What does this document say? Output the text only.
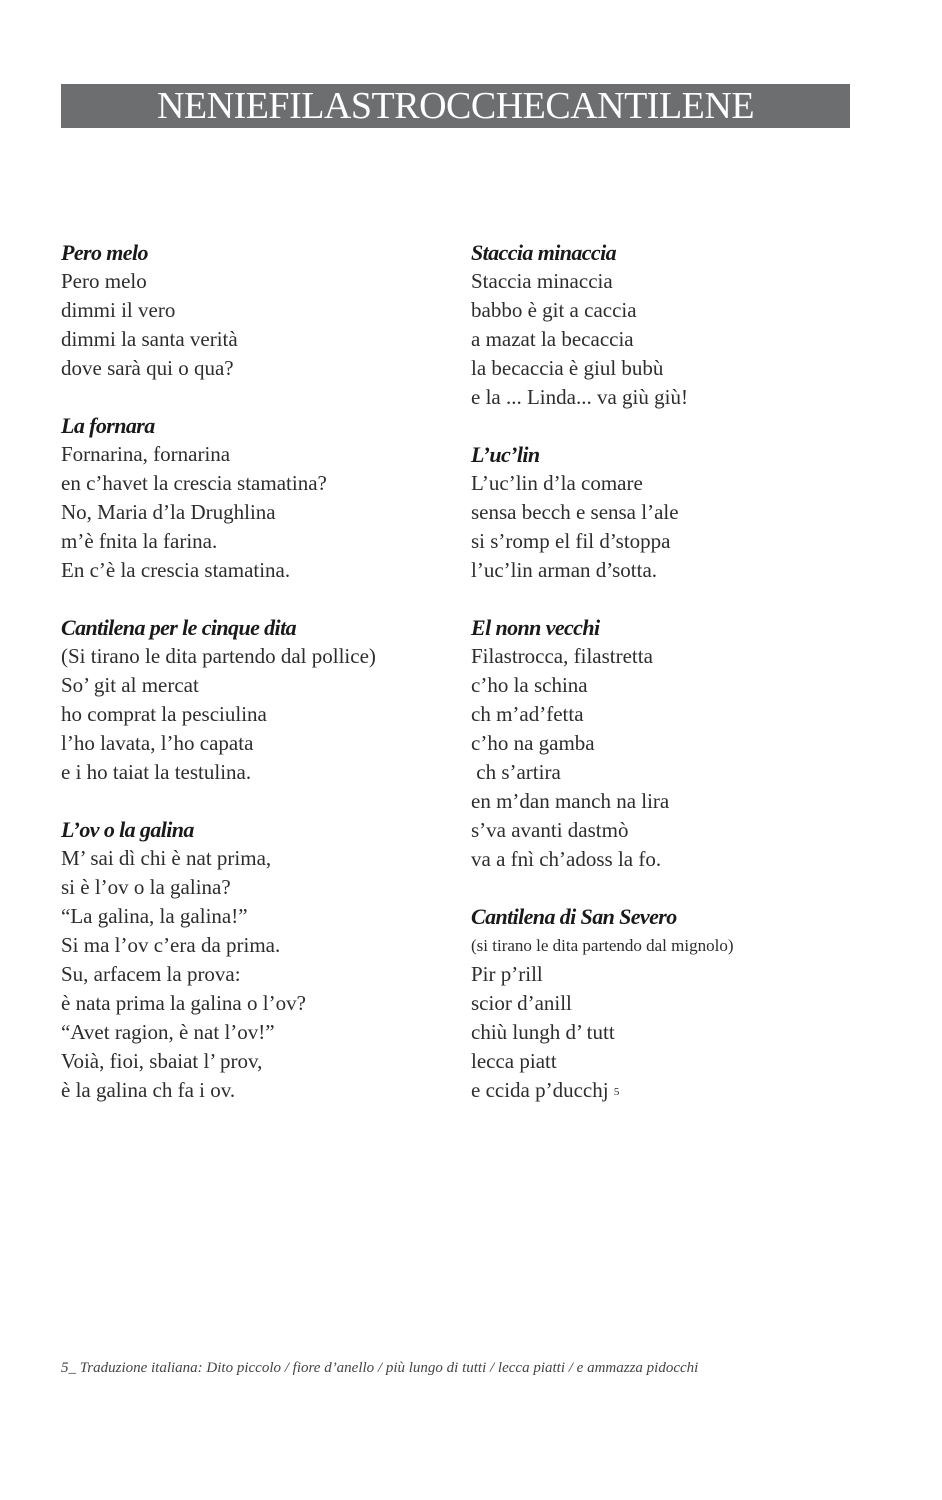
NENIEFILASTROCCHECANTILENE
Pero melo
Pero melo
dimmi il vero
dimmi la santa verità
dove sarà qui o qua?
La fornara
Fornarina, fornarina
en c’havet la crescia stamatina?
No, Maria d’la Drughlina
m’è fnita la farina.
En c’è la crescia stamatina.
Cantilena per le cinque dita
(Si tirano le dita partendo dal pollice)
So’ git al mercat
ho comprat la pesciulina
l’ho lavata, l’ho capata
e i ho taiat la testulina.
L’ov o la galina
M’ sai dì chi è nat prima,
si è l’ov o la galina?
“La galina, la galina!”
Si ma l’ov c’era da prima.
Su, arfacem la prova:
è nata prima la galina o l’ov?
“Avet ragion, è nat l’ov!”
Voià, fioi, sbaiat l’ prov,
è la galina ch fa i ov.
Staccia minaccia
Staccia minaccia
babbo è git a caccia
a mazat la becaccia
la becaccia è giul bubù
e la ... Linda... va giù giù!
L’uc’lin
L’uc’lin d’la comare
sensa becch e sensa l’ale
si s’romp el fil d’stoppa
l’uc’lin arman d’sotta.
El nonn vecchi
Filastrocca, filastretta
c’ho la schina
ch m’ad’fetta
c’ho na gamba
ch s’artira
en m’dan manch na lira
s’va avanti dastmò
va a fnì ch’adoss la fo.
Cantilena di San Severo
(si tirano le dita partendo dal mignolo)
Pir p’rill
scior d’anill
chiù lungh d’ tutt
lecca piatt
e ccida p’ducchj $^5$
5_ Traduzione italiana: Dito piccolo / fiore d’anello / più lungo di tutti / lecca piatti / e ammazza pidocchi
